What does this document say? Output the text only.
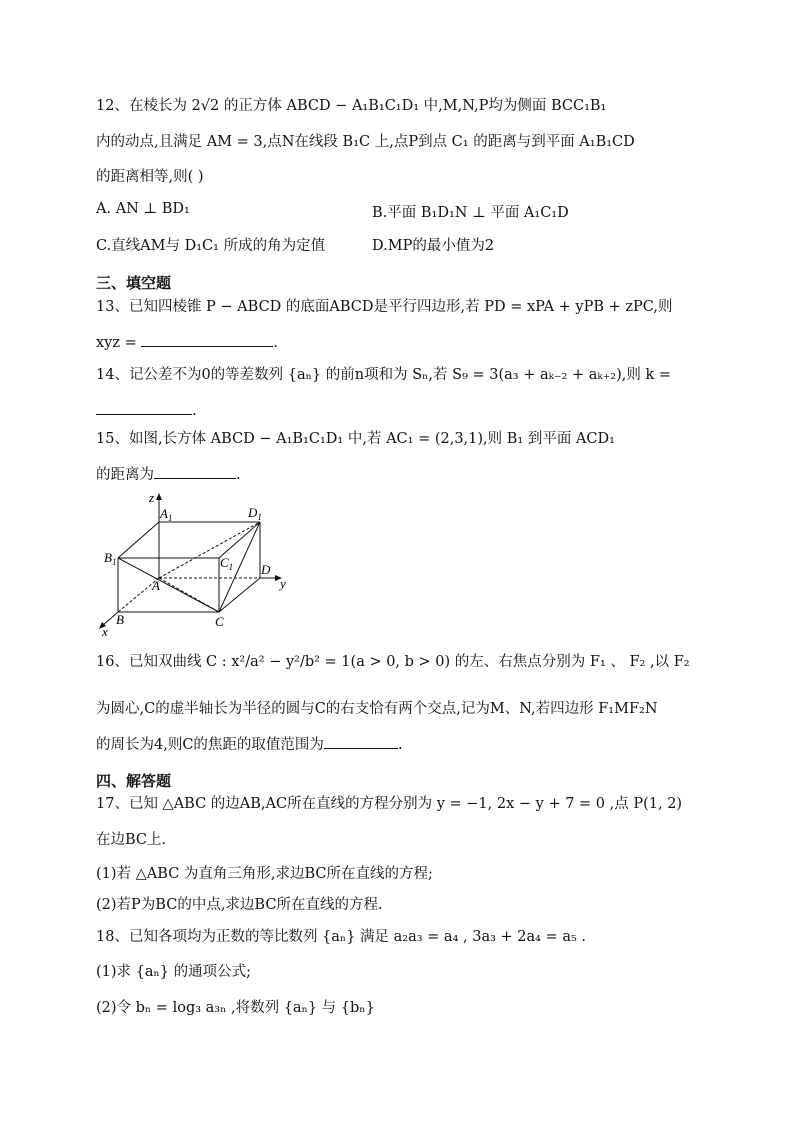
12、在棱长为 2√2 的正方体 ABCD − A₁B₁C₁D₁ 中,M,N,P均为侧面 BCC₁B₁
内的动点,且满足 AM = 3,点N在线段 B₁C 上,点P到点 C₁ 的距离与到平面 A₁B₁CD
的距离相等,则( )
A. AN ⊥ BD₁	B.平面 B₁D₁N ⊥ 平面 A₁C₁D
C.直线AM与 D₁C₁ 所成的角为定值	D.MP的最小值为2
三、填空题
13、已知四棱锥 P − ABCD 的底面ABCD是平行四边形,若 PD = xPA + yPB + zPC,则
xyz =	.
14、记公差不为0的等差数列 {aₙ} 的前n项和为 Sₙ,若 S₉ = 3(a₃ + aₖ₋₂ + aₖ₊₂),则 k =
.
15、如图,长方体 ABCD − A₁B₁C₁D₁ 中,若 AC₁ = (2,3,1),则 B₁ 到平面 ACD₁
的距离为	.
z
y
x
$A_1$	$D_1$
$B_1$	$C_1$
A
D
B	C
16、已知双曲线 C : x²/a² − y²/b² = 1(a > 0, b > 0) 的左、右焦点分别为 F₁ 、 F₂ ,以 F₂
为圆心,C的虚半轴长为半径的圆与C的右支恰有两个交点,记为M、N,若四边形 F₁MF₂N
的周长为4,则C的焦距的取值范围为	.
四、解答题
17、已知 △ABC 的边AB,AC所在直线的方程分别为 y = −1, 2x − y + 7 = 0 ,点 P(1, 2)
在边BC上.
(1)若 △ABC 为直角三角形,求边BC所在直线的方程;
(2)若P为BC的中点,求边BC所在直线的方程.
18、已知各项均为正数的等比数列 {aₙ} 满足 a₂a₃ = a₄ , 3a₃ + 2a₄ = a₅ .
(1)求 {aₙ} 的通项公式;
(2)令 bₙ = log₃ a₃ₙ ,将数列 {aₙ} 与 {bₙ}
